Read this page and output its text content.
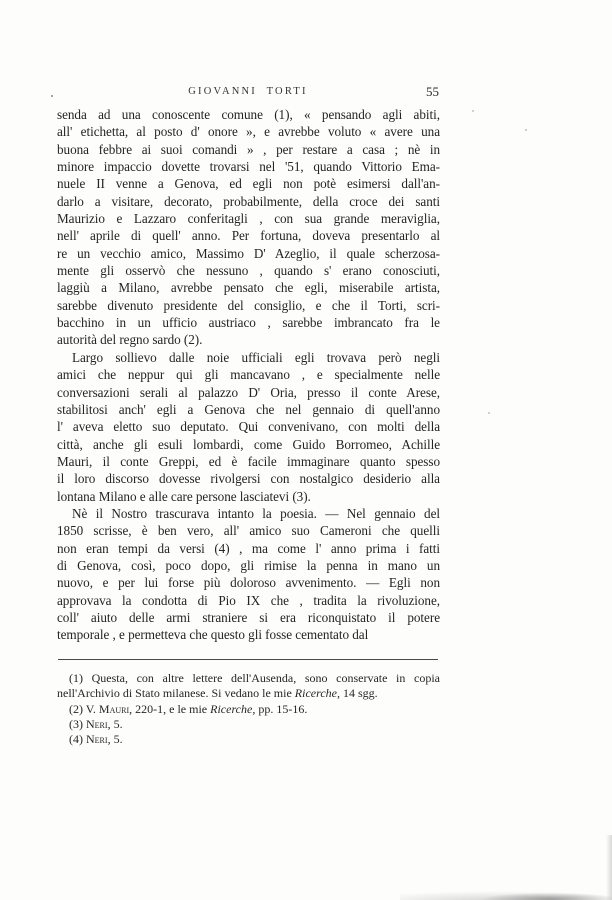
GIOVANNI TORTI	55
senda ad una conoscente comune (1), « pensando agli abiti,
all' etichetta, al posto d' onore », e avrebbe voluto « avere una
buona febbre ai suoi comandi » , per restare a casa ; nè in
minore impaccio dovette trovarsi nel '51, quando Vittorio Ema-
nuele II venne a Genova, ed egli non potè esimersi dall'an-
darlo a visitare, decorato, probabilmente, della croce dei santi
Maurizio e Lazzaro conferitagli , con sua grande meraviglia,
nell' aprile di quell' anno. Per fortuna, doveva presentarlo al
re un vecchio amico, Massimo D' Azeglio, il quale scherzosa-
mente gli osservò che nessuno , quando s' erano conosciuti,
laggiù a Milano, avrebbe pensato che egli, miserabile artista,
sarebbe divenuto presidente del consiglio, e che il Torti, scri-
bacchino in un ufficio austriaco , sarebbe imbrancato fra le
autorità del regno sardo (2).
Largo sollievo dalle noie ufficiali egli trovava però negli
amici che neppur qui gli mancavano , e specialmente nelle
conversazioni serali al palazzo D' Oria, presso il conte Arese,
stabilitosi anch' egli a Genova che nel gennaio di quell'anno
l' aveva eletto suo deputato. Qui convenivano, con molti della
città, anche gli esuli lombardi, come Guido Borromeo, Achille
Mauri, il conte Greppi, ed è facile immaginare quanto spesso
il loro discorso dovesse rivolgersi con nostalgico desiderio alla
lontana Milano e alle care persone lasciatevi (3).
Nè il Nostro trascurava intanto la poesia. — Nel gennaio del
1850 scrisse, è ben vero, all' amico suo Cameroni che quelli
non eran tempi da versi (4) , ma come l' anno prima i fatti
di Genova, così, poco dopo, gli rimise la penna in mano un
nuovo, e per lui forse più doloroso avvenimento. — Egli non
approvava la condotta di Pio IX che , tradita la rivoluzione,
coll' aiuto delle armi straniere si era riconquistato il potere
temporale , e permetteva che questo gli fosse cementato dal
(1) Questa, con altre lettere dell'Ausenda, sono conservate in copia
nell'Archivio di Stato milanese. Si vedano le mie Ricerche, 14 sgg.
(2) V. Mauri, 220-1, e le mie Ricerche, pp. 15-16.
(3) Neri, 5.
(4) Neri, 5.
